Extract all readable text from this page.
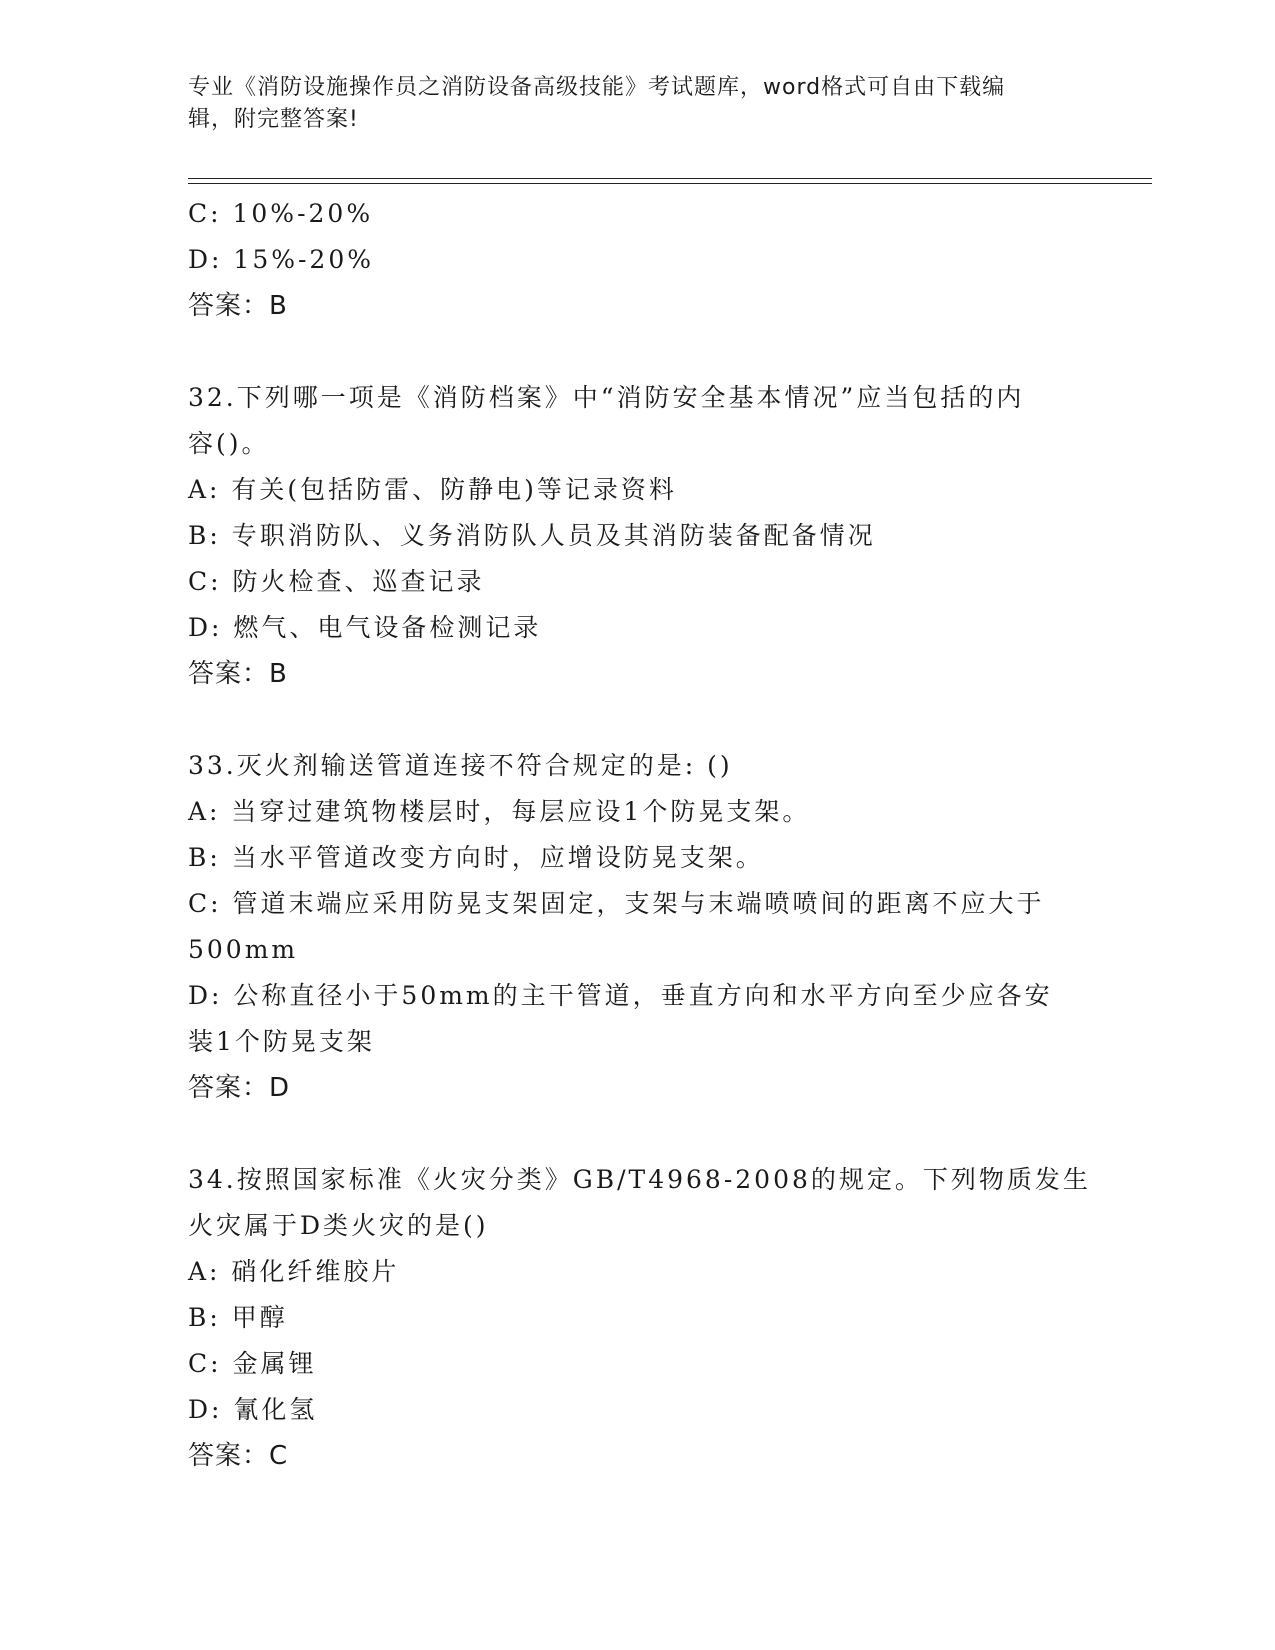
专业《消防设施操作员之消防设备高级技能》考试题库，word格式可自由下载编
辑，附完整答案!
C: 10%-20%
D: 15%-20%
答案：B
32.下列哪一项是《消防档案》中“消防安全基本情况”应当包括的内
容()。
A: 有关(包括防雷、防静电)等记录资料
B: 专职消防队、义务消防队人员及其消防装备配备情况
C: 防火检查、巡查记录
D: 燃气、电气设备检测记录
答案：B
33.灭火剂输送管道连接不符合规定的是: ()
A: 当穿过建筑物楼层时，每层应设1个防晃支架。
B: 当水平管道改变方向时，应增设防晃支架。
C: 管道末端应采用防晃支架固定，支架与末端喷喷间的距离不应大于
500mm
D: 公称直径小于50mm的主干管道，垂直方向和水平方向至少应各安
装1个防晃支架
答案：D
34.按照国家标准《火灾分类》GB/T4968-2008的规定。下列物质发生
火灾属于D类火灾的是()
A: 硝化纤维胶片
B: 甲醇
C: 金属锂
D: 氰化氢
答案：C
